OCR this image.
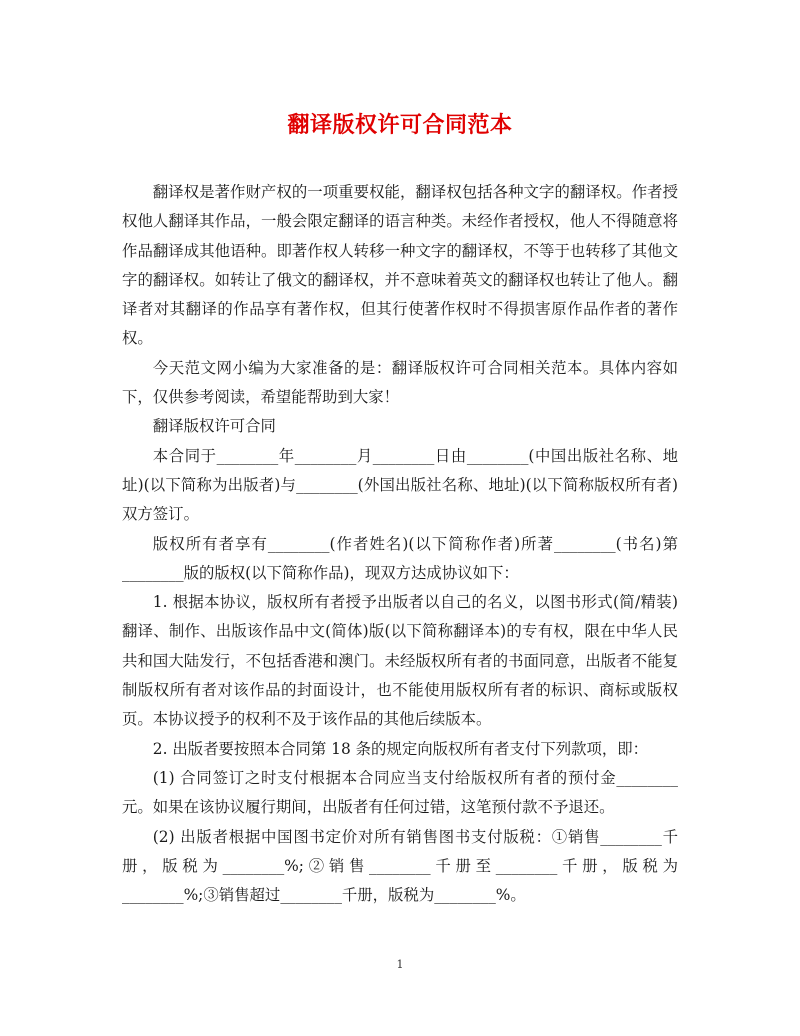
翻译版权许可合同范本

翻译权是著作财产权的一项重要权能，翻译权包括各种文字的翻译权。作者授权他人翻译其作品，一般会限定翻译的语言种类。未经作者授权，他人不得随意将作品翻译成其他语种。即著作权人转移一种文字的翻译权，不等于也转移了其他文字的翻译权。如转让了俄文的翻译权，并不意味着英文的翻译权也转让了他人。翻译者对其翻译的作品享有著作权，但其行使著作权时不得损害原作品作者的著作权。

今天范文网小编为大家准备的是：翻译版权许可合同相关范本。具体内容如下，仅供参考阅读，希望能帮助到大家！

翻译版权许可合同

本合同于________年________月________日由________(中国出版社名称、地址)(以下简称为出版者)与________(外国出版社名称、地址)(以下简称版权所有者)双方签订。

版权所有者享有________(作者姓名)(以下简称作者)所著________(书名)第________版的版权(以下简称作品)，现双方达成协议如下：

1. 根据本协议，版权所有者授予出版者以自己的名义，以图书形式(简/精装)翻译、制作、出版该作品中文(简体)版(以下简称翻译本)的专有权，限在中华人民共和国大陆发行，不包括香港和澳门。未经版权所有者的书面同意，出版者不能复制版权所有者对该作品的封面设计，也不能使用版权所有者的标识、商标或版权页。本协议授予的权利不及于该作品的其他后续版本。

2. 出版者要按照本合同第 18 条的规定向版权所有者支付下列款项，即：

(1) 合同签订之时支付根据本合同应当支付给版权所有者的预付金________元。如果在该协议履行期间，出版者有任何过错，这笔预付款不予退还。

(2) 出版者根据中国图书定价对所有销售图书支付版税：①销售________千册，版税为________%;②销售________千册至________千册，版税为________%;③销售超过________千册，版税为________%。

1
